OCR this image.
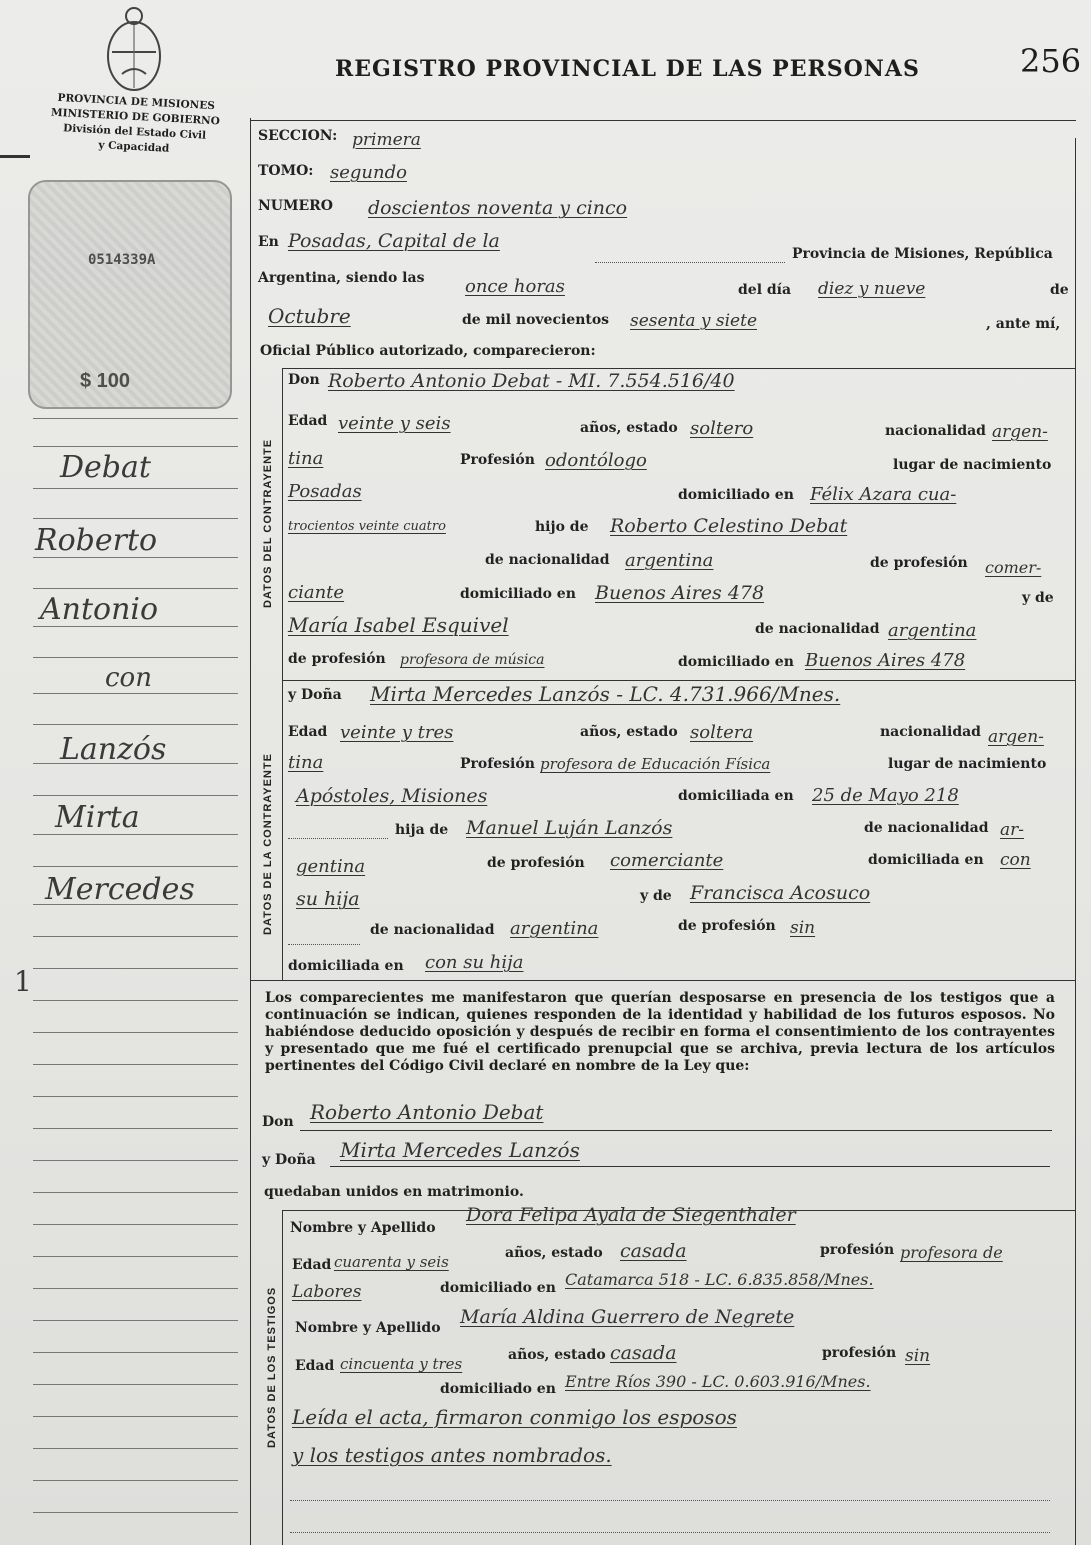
PROVINCIA DE MISIONES
MINISTERIO DE GOBIERNO
División del Estado Civil
y Capacidad
0514339A
$ 100
REGISTRO PROVINCIAL DE LAS PERSONAS	256
Debat
Roberto
Antonio
con
Lanzós
Mirta
Mercedes
1
SECCION: primera
TOMO: segundo
NUMERO doscientos noventa y cinco
En Posadas, Capital de la
Provincia de Misiones, República
Argentina, siendo las once horas	del día diez y nueve	de
Octubre	de mil novecientos sesenta y siete	, ante mí,
Oficial Público autorizado, comparecieron:
DATOS DEL CONTRAYENTE
Don Roberto Antonio Debat - MI. 7.554.516/40
Edad veinte y seis	años, estado soltero	nacionalidad argen-
tina	Profesión odontólogo	lugar de nacimiento
Posadas	domiciliado en Félix Azara cua-
trocientos veinte cuatro	hijo de Roberto Celestino Debat
de nacionalidad argentina	de profesión comer-
ciante	domiciliado en Buenos Aires 478	y de
María Isabel Esquivel	de nacionalidad argentina
de profesión profesora de música	domiciliado en Buenos Aires 478
DATOS DE LA CONTRAYENTE
y Doña Mirta Mercedes Lanzós - LC. 4.731.966/Mnes.
Edad veinte y tres	años, estado soltera	nacionalidad argen-
tina	Profesión profesora de Educación Física	lugar de nacimiento
Apóstoles, Misiones	domiciliada en 25 de Mayo 218
hija de Manuel Luján Lanzós	de nacionalidad ar-
gentina	de profesión comerciante	domiciliada en con
su hija	y de Francisca Acosuco
de nacionalidad argentina	de profesión sin
domiciliada en con su hija
Los comparecientes me manifestaron que querían desposarse en presencia de los testigos que a continuación se indican, quienes responden de la identidad y habilidad de los futuros esposos. No habiéndose deducido oposición y después de recibir en forma el consentimiento de los contrayentes y presentado que me fué el certificado prenupcial que se archiva, previa lectura de los artículos pertinentes del Código Civil declaré en nombre de la Ley que:
Don Roberto Antonio Debat
y Doña Mirta Mercedes Lanzós
quedaban unidos en matrimonio.
DATOS DE LOS TESTIGOS
Nombre y Apellido
Dora Felipa Ayala de Siegenthaler
Edad cuarenta y seis	años, estado casada	profesión profesora de
Labores	domiciliado en Catamarca 518 - LC. 6.835.858/Mnes.
Nombre y Apellido María Aldina Guerrero de Negrete
Edad cincuenta y tres	años, estado casada	profesión sin
domiciliado en Entre Ríos 390 - LC. 0.603.916/Mnes.
Leída el acta, firmaron conmigo los esposos
y los testigos antes nombrados.
